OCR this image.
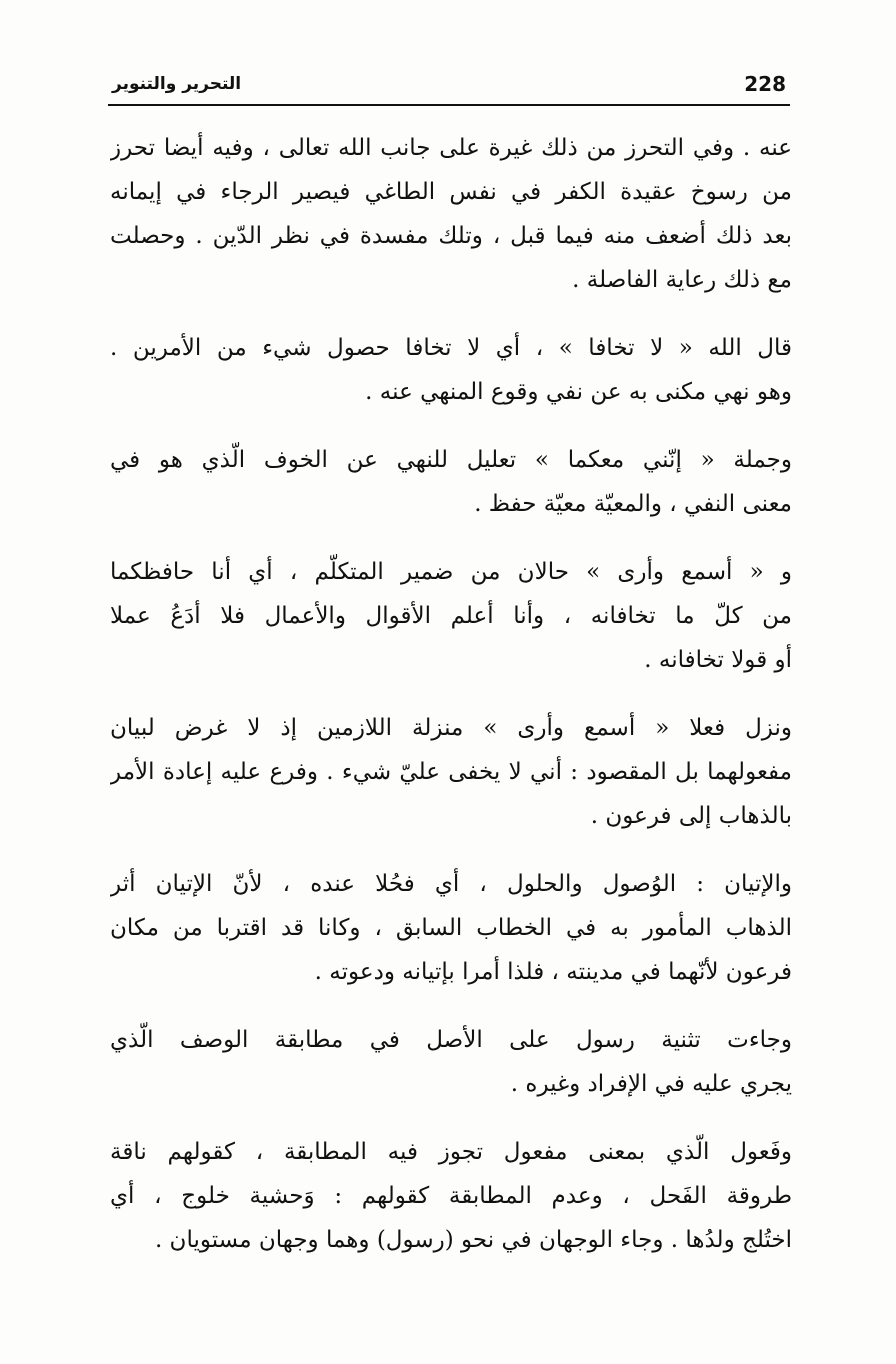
228
التحرير والتنوير

عنه . وفي التحرز من ذلك غيرة على جانب الله تعالى ، وفيه أيضا تحرز
من رسوخ عقيدة الكفر في نفس الطاغي فيصير الرجاء في إيمانه
بعد ذلك أضعف منه فيما قبل ، وتلك مفسدة في نظر الدّين . وحصلت
مع ذلك رعاية الفاصلة .

قال الله « لا تخافا » ، أي لا تخافا حصول شيء من الأمرين .
وهو نهي مكنى به عن نفي وقوع المنهي عنه .

وجملة « إنّني معكما » تعليل للنهي عن الخوف الّذي هو في
معنى النفي ، والمعيّة معيّة حفظ .

و « أسمع وأرى » حالان من ضمير المتكلّم ، أي أنا حافظكما
من كلّ ما تخافانه ، وأنا أعلم الأقوال والأعمال فلا أدَعُ عملا
أو قولا تخافانه .

ونزل فعلا « أسمع وأرى » منزلة اللازمين إذ لا غرض لبيان
مفعولهما بل المقصود : أني لا يخفى عليّ شيء . وفرع عليه إعادة الأمر
بالذهاب إلى فرعون .

والإتيان : الوُصول والحلول ، أي فحُلا عنده ، لأنّ الإتيان أثر
الذهاب المأمور به في الخطاب السابق ، وكانا قد اقتربا من مكان
فرعون لأنّهما في مدينته ، فلذا أمرا بإتيانه ودعوته .

وجاءت تثنية رسول على الأصل في مطابقة الوصف الّذي
يجري عليه في الإفراد وغيره .

وفَعول الّذي بمعنى مفعول تجوز فيه المطابقة ، كقولهم ناقة
طروقة الفَحل ، وعدم المطابقة كقولهم : وَحشية خلوج ، أي
اختُلج ولدُها . وجاء الوجهان في نحو (رسول) وهما وجهان مستويان .
